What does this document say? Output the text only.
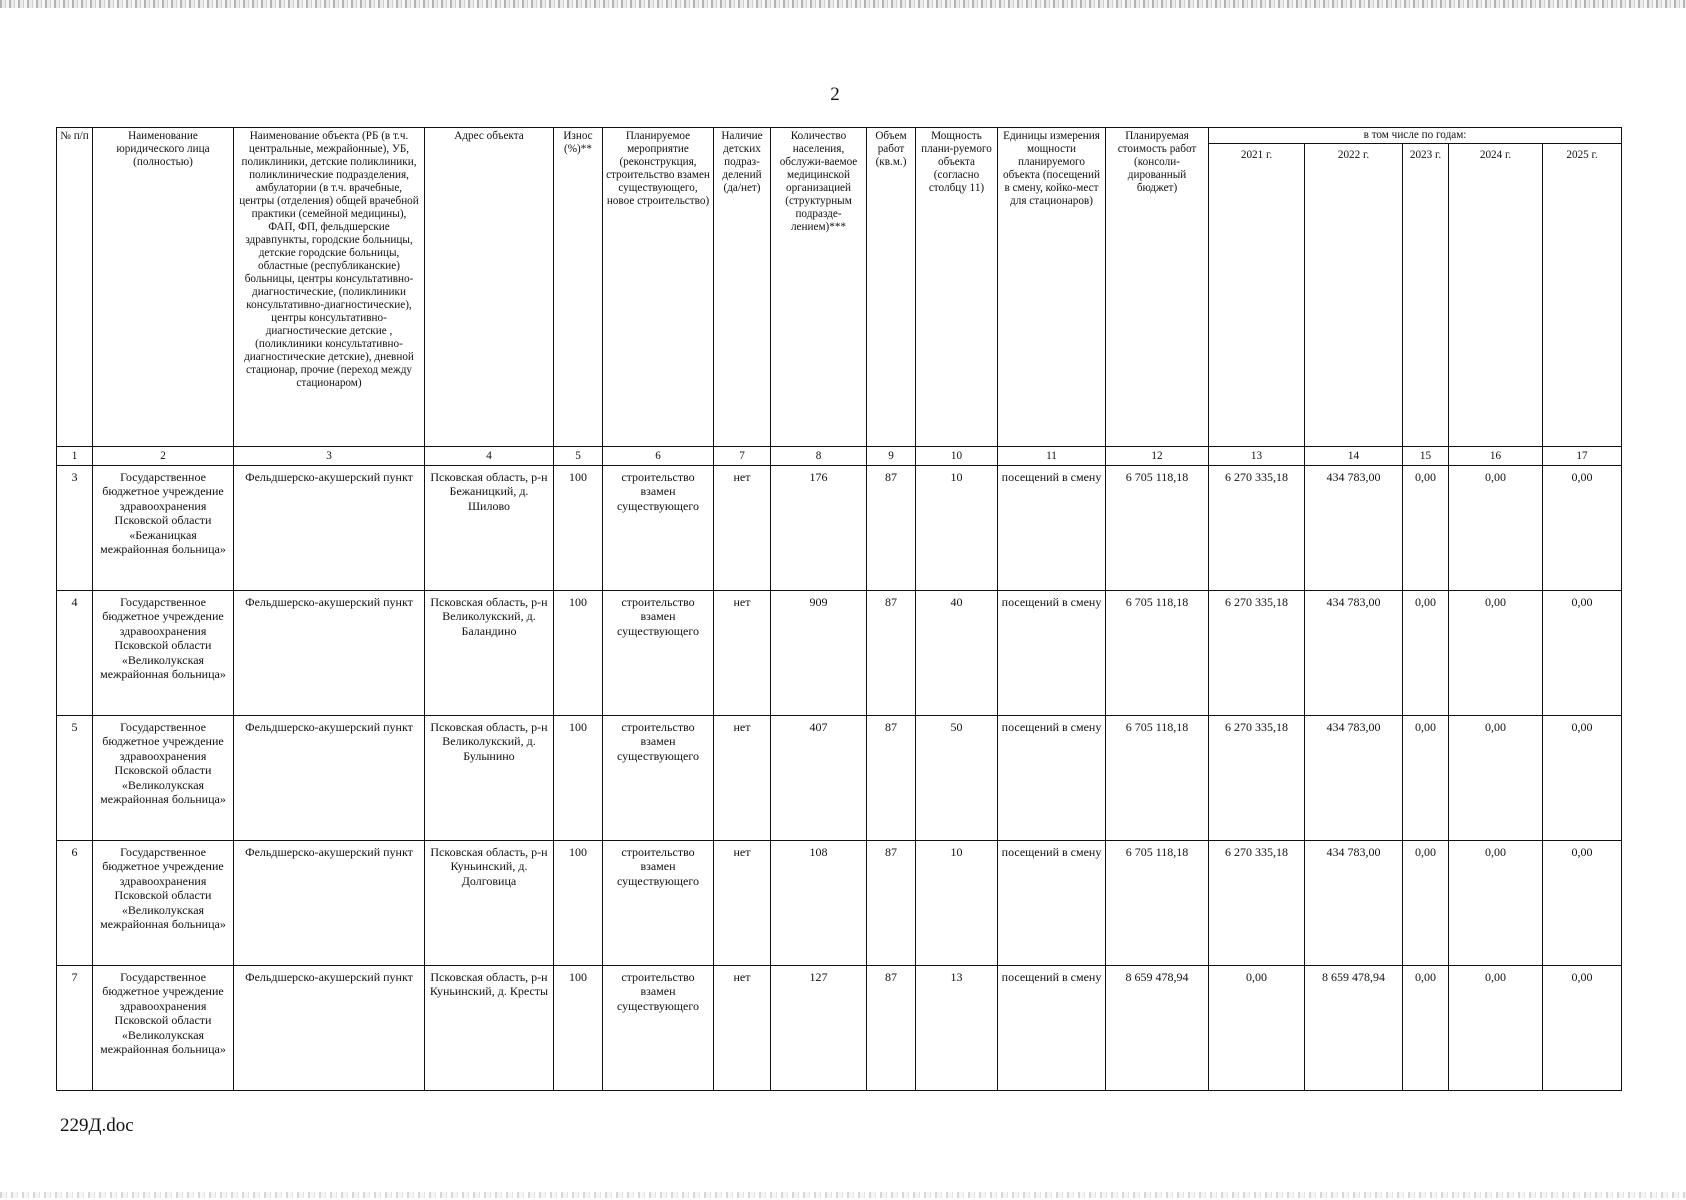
2
№ п/п	Наименование юридического лица (полностью)	Наименование объекта (РБ (в т.ч. центральные, межрайонные), УБ, поликлиники, детские поликлиники, поликлинические подразделения, амбулатории (в т.ч. врачебные, центры (отделения) общей врачебной практики (семейной медицины), ФАП, ФП, фельдшерские здравпункты, городские больницы, детские городские больницы, областные (республиканские) больницы, центры консультативно-диагностические, (поликлиники консультативно-диагностические), центры консультативно-диагностические детские , (поликлиники консультативно-диагностические детские), дневной стационар, прочие (переход между стационаром)	Адрес объекта	Износ (%)**	Планируемое мероприятие (реконструкция, строительство взамен существующего, новое строительство)	Наличие детских подраз-делений (да/нет)	Количество населения, обслужи-ваемое медицинской организацией (структурным подразде-лением)***	Объем работ (кв.м.)	Мощность плани-руемого объекта (согласно столбцу 11)	Единицы измерения мощности планируемого объекта (посещений в смену, койко-мест для стационаров)	Планируемая стоимость работ (консоли-дированный бюджет)	в том числе по годам:				
												2021 г.	2022 г.	2023 г.	2024 г.	2025 г.
1	2	3	4	5	6	7	8	9	10	11	12	13	14	15	16	17
3	Государственное бюджетное учреждение здравоохранения Псковской области «Бежаницкая межрайонная больница»	Фельдшерско-акушерский пункт	Псковская область, р-н Бежаницкий, д. Шилово	100	строительство взамен существующего	нет	176	87	10	посещений в смену	6 705 118,18	6 270 335,18	434 783,00	0,00	0,00	0,00
4	Государственное бюджетное учреждение здравоохранения Псковской области «Великолукская межрайонная больница»	Фельдшерско-акушерский пункт	Псковская область, р-н Великолукский, д. Баландино	100	строительство взамен существующего	нет	909	87	40	посещений в смену	6 705 118,18	6 270 335,18	434 783,00	0,00	0,00	0,00
5	Государственное бюджетное учреждение здравоохранения Псковской области «Великолукская межрайонная больница»	Фельдшерско-акушерский пункт	Псковская область, р-н Великолукский, д. Булынино	100	строительство взамен существующего	нет	407	87	50	посещений в смену	6 705 118,18	6 270 335,18	434 783,00	0,00	0,00	0,00
6	Государственное бюджетное учреждение здравоохранения Псковской области «Великолукская межрайонная больница»	Фельдшерско-акушерский пункт	Псковская область, р-н Куньинский, д. Долговица	100	строительство взамен существующего	нет	108	87	10	посещений в смену	6 705 118,18	6 270 335,18	434 783,00	0,00	0,00	0,00
7	Государственное бюджетное учреждение здравоохранения Псковской области «Великолукская межрайонная больница»	Фельдшерско-акушерский пункт	Псковская область, р-н Куньинский, д. Кресты	100	строительство взамен существующего	нет	127	87	13	посещений в смену	8 659 478,94	0,00	8 659 478,94	0,00	0,00	0,00
229Д.doc
